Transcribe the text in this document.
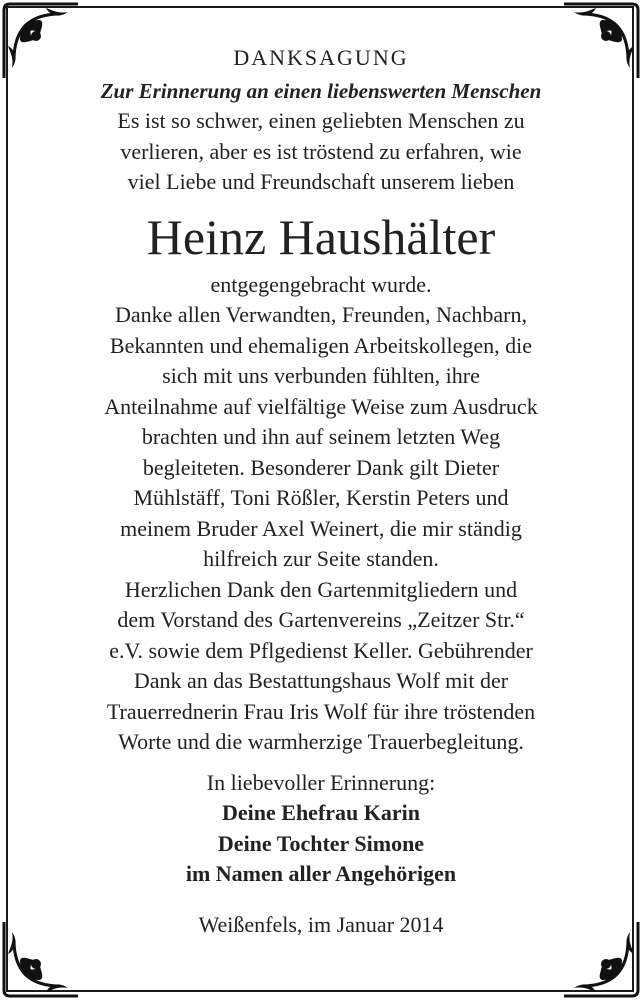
DANKSAGUNG

Zur Erinnerung an einen liebenswerten Menschen

Es ist so schwer, einen geliebten Menschen zu

verlieren, aber es ist tröstend zu erfahren, wie

viel Liebe und Freundschaft unserem lieben

Heinz Haushälter

entgegengebracht wurde.

Danke allen Verwandten, Freunden, Nachbarn,

Bekannten und ehemaligen Arbeitskollegen, die

sich mit uns verbunden fühlten, ihre

Anteilnahme auf vielfältige Weise zum Ausdruck

brachten und ihn auf seinem letzten Weg

begleiteten. Besonderer Dank gilt Dieter

Mühlstäff, Toni Rößler, Kerstin Peters und

meinem Bruder Axel Weinert, die mir ständig

hilfreich zur Seite standen.

Herzlichen Dank den Gartenmitgliedern und

dem Vorstand des Gartenvereins „Zeitzer Str.“

e.V. sowie dem Pflgedienst Keller. Gebührender

Dank an das Bestattungshaus Wolf mit der

Trauerrednerin Frau Iris Wolf für ihre tröstenden

Worte und die warmherzige Trauerbegleitung.

In liebevoller Erinnerung:

Deine Ehefrau Karin

Deine Tochter Simone

im Namen aller Angehörigen

Weißenfels, im Januar 2014
